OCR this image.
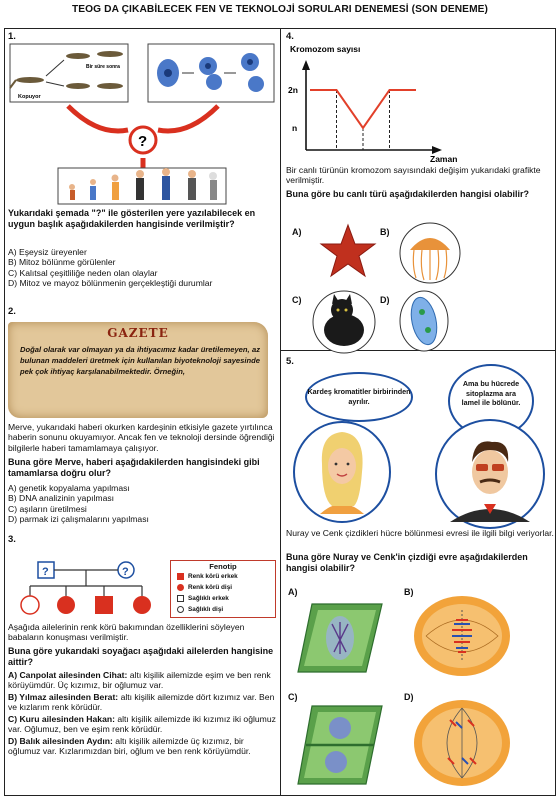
TEOG DA ÇIKABİLECEK FEN VE TEKNOLOJİ SORULARI DENEMESİ (SON DENEME)
1.
Kopuyor
Bir süre sonra
?
Yukarıdaki şemada "?" ile gösterilen yere yazılabilecek en uygun başlık aşağıdakilerden hangisinde verilmiştir?
A) Eşeysiz üreyenler
B) Mitoz bölünme görülenler
C) Kalıtsal çeşitliliğe neden olan olaylar
D) Mitoz ve mayoz bölünmenin gerçekleştiği durumlar
2.
GAZETE
Doğal olarak var olmayan ya da ihtiyacımız kadar üretilemeyen, az bulunan maddeleri üretmek için kullanılan biyoteknoloji sayesinde pek çok ihtiyaç karşılanabilmektedir. Örneğin,
Merve, yukarıdaki haberi okurken kardeşinin etkisiyle gazete yırtılınca haberin sonunu okuyamıyor. Ancak fen ve teknoloji dersinde öğrendiği bilgilerle haberi tamamlamaya çalışıyor.
Buna göre Merve, haberi aşağıdakilerden hangisindeki gibi tamamlarsa doğru olur?
A) genetik kopyalama yapılması
B) DNA analizinin yapılması
C) aşıların üretilmesi
D) parmak izi çalışmalarını yapılması
3.
?	?	Fenotip
Renk körü erkek
Renk körü dişi
Sağlıklı erkek
Sağlıklı dişi
Aşağıda ailelerinin renk körü bakımından özelliklerini söyleyen babaların konuşması verilmiştir.
Buna göre yukarıdaki soyağacı aşağıdaki ailelerden hangisine aittir?
A) Canpolat ailesinden Cihat: altı kişilik ailemizde eşim ve ben renk körüyümdür. Üç kızımız, bir oğlumuz var.
B) Yılmaz ailesinden Berat: altı kişilik ailemizde dört kızımız var. Ben ve kızlarım renk körüdür.
C) Kuru ailesinden Hakan: altı kişilik ailemizde iki kızımız iki oğlumuz var. Oğlumuz, ben ve eşim renk körüdür.
D) Balık ailesinden Aydın: altı kişilik ailemizde üç kızımız, bir oğlumuz var. Kızlarımızdan biri, oğlum ve ben renk körüyümdür.
4.
Kromozom sayısı
Zaman
2n
n
Bir canlı türünün kromozom sayısındaki değişim yukarıdaki grafikte verilmiştir.
Buna göre bu canlı türü aşağıdakilerden hangisi olabilir?
A)	B)
C)	D)
5.
Kardeş kromatitler birbirinden ayrılır.
Ama bu hücrede sitoplazma ara lamel ile bölünür.
Nuray ve Cenk çizdikleri hücre bölünmesi evresi ile ilgili bilgi veriyorlar.
Buna göre Nuray ve Cenk'in çizdiği evre aşağıdakilerden hangisi olabilir?
A)	B)
C)	D)
